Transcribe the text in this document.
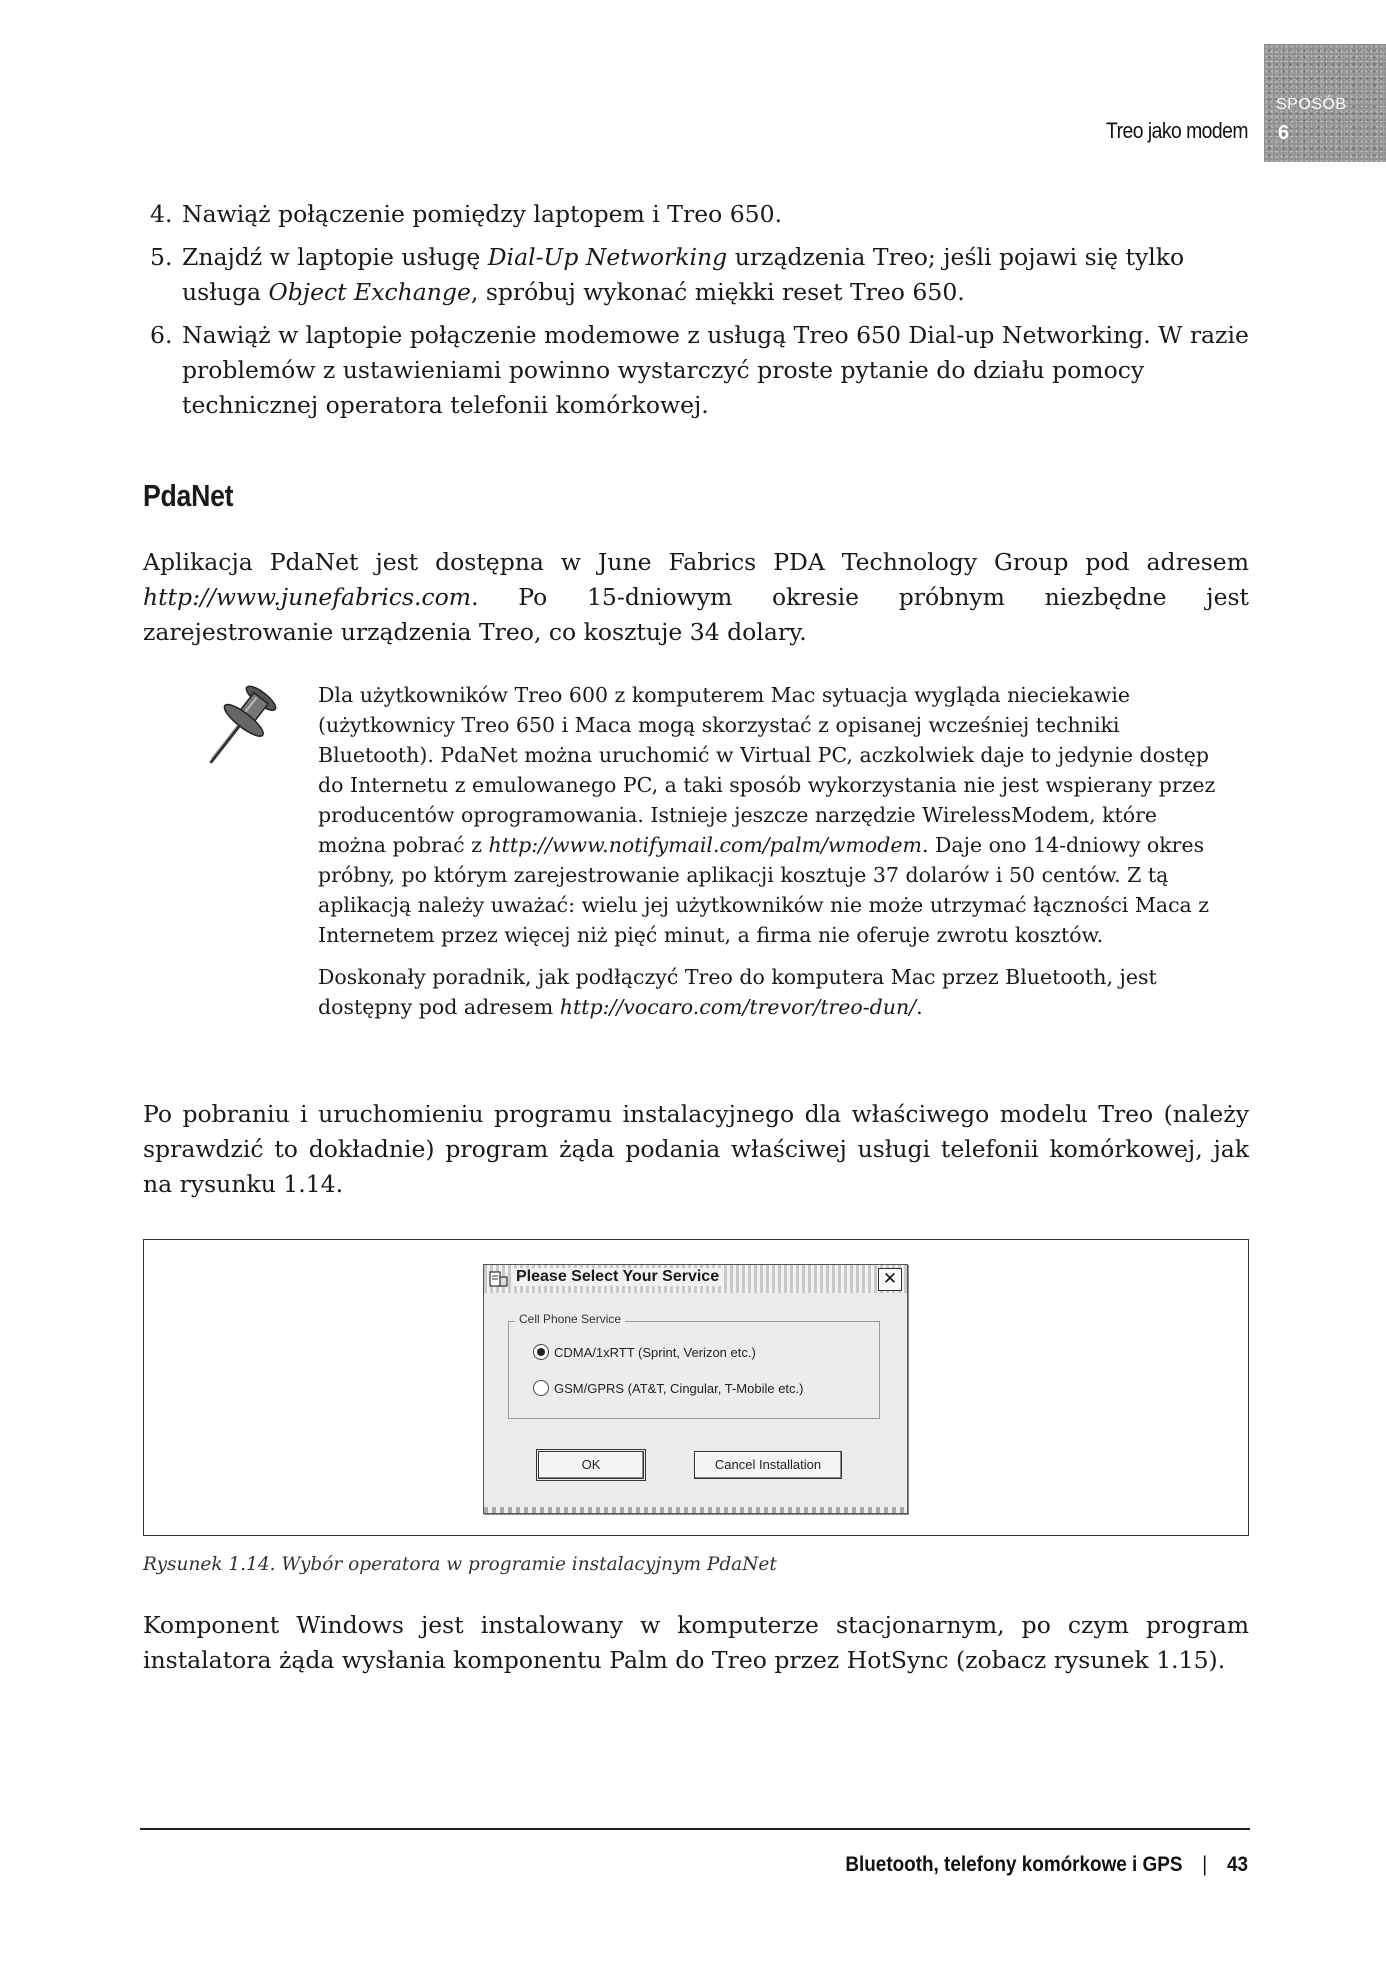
Treo jako modem
SPOSÓB
6
4. Nawiąż połączenie pomiędzy laptopem i Treo 650.
5. Znajdź w laptopie usługę Dial-Up Networking urządzenia Treo; jeśli pojawi się tylko usługa Object Exchange, spróbuj wykonać miękki reset Treo 650.
6. Nawiąż w laptopie połączenie modemowe z usługą Treo 650 Dial-up Networking. W razie problemów z ustawieniami powinno wystarczyć proste pytanie do działu pomocy technicznej operatora telefonii komórkowej.
PdaNet

Aplikacja PdaNet jest dostępna w June Fabrics PDA Technology Group pod adresem http://www.junefabrics.com. Po 15-dniowym okresie próbnym niezbędne jest zarejestrowanie urządzenia Treo, co kosztuje 34 dolary.

Dla użytkowników Treo 600 z komputerem Mac sytuacja wygląda nieciekawie (użytkownicy Treo 650 i Maca mogą skorzystać z opisanej wcześniej techniki Bluetooth). PdaNet można uruchomić w Virtual PC, aczkolwiek daje to jedynie dostęp do Internetu z emulowanego PC, a taki sposób wykorzystania nie jest wspierany przez producentów oprogramowania. Istnieje jeszcze narzędzie WirelessModem, które można pobrać z http://www.notifymail.com/palm/wmodem. Daje ono 14-dniowy okres próbny, po którym zarejestrowanie aplikacji kosztuje 37 dolarów i 50 centów. Z tą aplikacją należy uważać: wielu jej użytkowników nie może utrzymać łączności Maca z Internetem przez więcej niż pięć minut, a firma nie oferuje zwrotu kosztów.

Doskonały poradnik, jak podłączyć Treo do komputera Mac przez Bluetooth, jest dostępny pod adresem http://vocaro.com/trevor/treo-dun/.

Po pobraniu i uruchomieniu programu instalacyjnego dla właściwego modelu Treo (należy sprawdzić to dokładnie) program żąda podania właściwej usługi telefonii komórkowej, jak na rysunku 1.14.

Please Select Your Service	✕
Cell Phone Service
CDMA/1xRTT (Sprint, Verizon etc.)
GSM/GPRS (AT&T, Cingular, T-Mobile etc.)
OK	Cancel Installation
Rysunek 1.14. Wybór operatora w programie instalacyjnym PdaNet

Komponent Windows jest instalowany w komputerze stacjonarnym, po czym program instalatora żąda wysłania komponentu Palm do Treo przez HotSync (zobacz rysunek 1.15).

Bluetooth, telefony komórkowe i GPS | 43
